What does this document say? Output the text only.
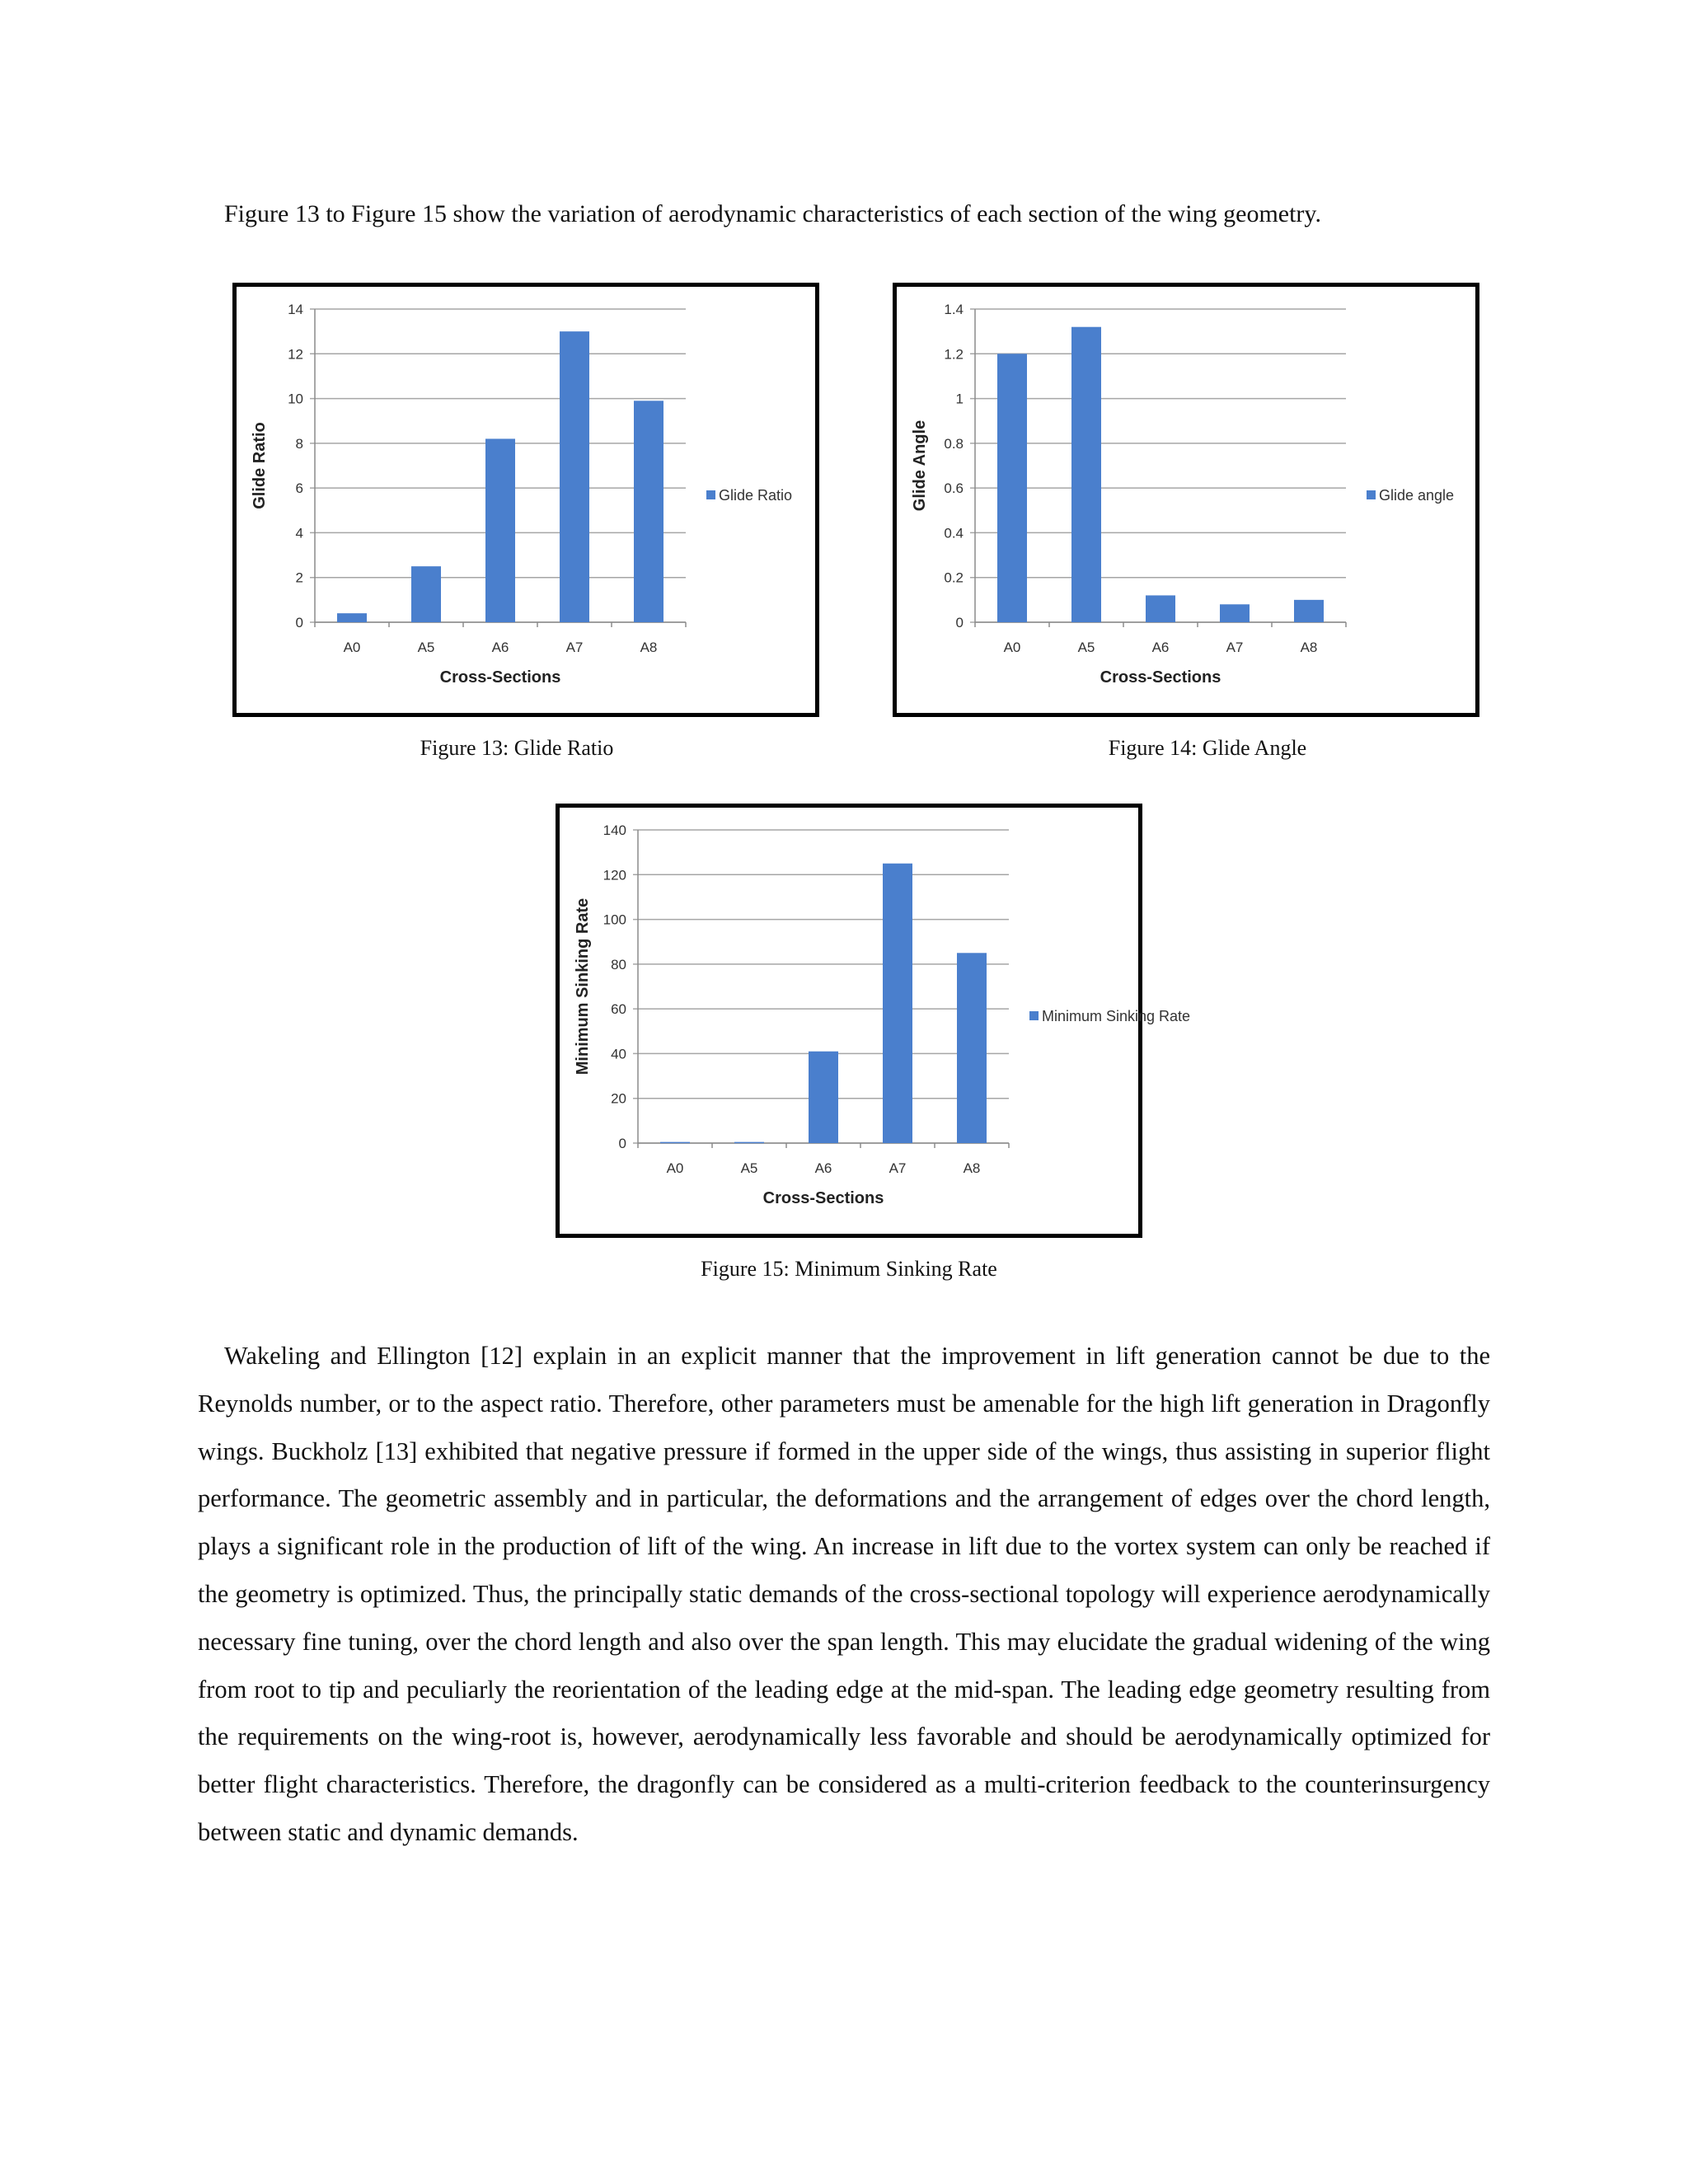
Figure 13 to Figure 15 show the variation of aerodynamic characteristics of each section of the wing geometry.

0
2
4
6
8
10
12
14
A0	A5	A6	A7	A8
Cross-Sections
Glide Ratio	Glide Ratio

Figure 13: Glide Ratio

0
0.2
0.4
0.6
0.8
1
1.2
1.4
A0	A5	A6	A7	A8
Cross-Sections
Glide Angle	Glide angle

Figure 14: Glide Angle

0
20
40
60
80
100
120
140
A0	A5	A6	A7	A8
Cross-Sections
Minimum Sinking Rate	Minimum Sinking Rate

Figure 15: Minimum Sinking Rate

Wakeling and Ellington [12] explain in an explicit manner that the improvement in lift generation cannot be due to the Reynolds number, or to the aspect ratio. Therefore, other parameters must be amenable for the high lift generation in Dragonfly wings. Buckholz [13] exhibited that negative pressure if formed in the upper side of the wings, thus assisting in superior flight performance. The geometric assembly and in particular, the deformations and the arrangement of edges over the chord length, plays a significant role in the production of lift of the wing. An increase in lift due to the vortex system can only be reached if the geometry is optimized. Thus, the principally static demands of the cross-sectional topology will experience aerodynamically necessary fine tuning, over the chord length and also over the span length. This may elucidate the gradual widening of the wing from root to tip and peculiarly the reorientation of the leading edge at the mid-span. The leading edge geometry resulting from the requirements on the wing-root is, however, aerodynamically less favorable and should be aerodynamically optimized for better flight characteristics. Therefore, the dragonfly can be considered as a multi-criterion feedback to the counterinsurgency between static and dynamic demands.
